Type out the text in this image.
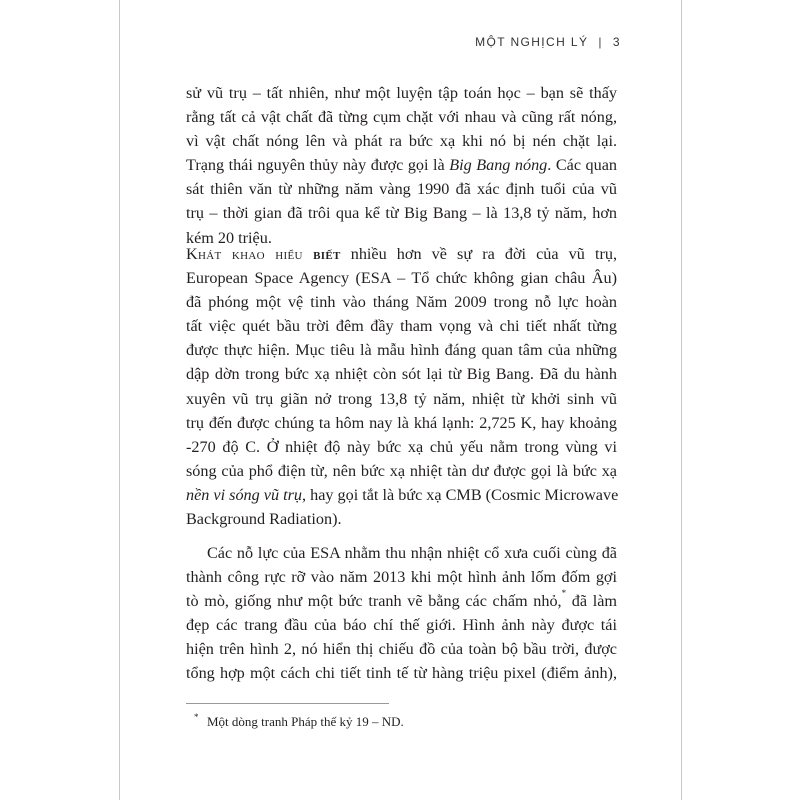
MỘT NGHỊCH LÝ | 3
sử vũ trụ – tất nhiên, như một luyện tập toán học – bạn sẽ thấy
rằng tất cả vật chất đã từng cụm chặt với nhau và cũng rất nóng,
vì vật chất nóng lên và phát ra bức xạ khi nó bị nén chặt lại.
Trạng thái nguyên thủy này được gọi là Big Bang nóng. Các quan
sát thiên văn từ những năm vàng 1990 đã xác định tuổi của vũ
trụ – thời gian đã trôi qua kể từ Big Bang – là 13,8 tỷ năm, hơn
kém 20 triệu.
Khát khao hiểu biết nhiều hơn về sự ra đời của vũ trụ,
European Space Agency (ESA – Tổ chức không gian châu Âu)
đã phóng một vệ tinh vào tháng Năm 2009 trong nỗ lực hoàn
tất việc quét bầu trời đêm đầy tham vọng và chi tiết nhất từng
được thực hiện. Mục tiêu là mẫu hình đáng quan tâm của những
dập dờn trong bức xạ nhiệt còn sót lại từ Big Bang. Đã du hành
xuyên vũ trụ giãn nở trong 13,8 tỷ năm, nhiệt từ khởi sinh vũ
trụ đến được chúng ta hôm nay là khá lạnh: 2,725 K, hay khoảng
-270 độ C. Ở nhiệt độ này bức xạ chủ yếu nằm trong vùng vi
sóng của phổ điện từ, nên bức xạ nhiệt tàn dư được gọi là bức xạ
nền vi sóng vũ trụ, hay gọi tắt là bức xạ CMB (Cosmic Microwave
Background Radiation).
Các nỗ lực của ESA nhằm thu nhận nhiệt cổ xưa cuối cùng đã
thành công rực rỡ vào năm 2013 khi một hình ảnh lốm đốm gợi
tò mò, giống như một bức tranh vẽ bằng các chấm nhỏ,* đã làm
đẹp các trang đầu của báo chí thế giới. Hình ảnh này được tái
hiện trên hình 2, nó hiển thị chiếu đồ của toàn bộ bầu trời, được
tổng hợp một cách chi tiết tinh tế từ hàng triệu pixel (điểm ảnh),
* Một dòng tranh Pháp thế kỷ 19 – ND.
